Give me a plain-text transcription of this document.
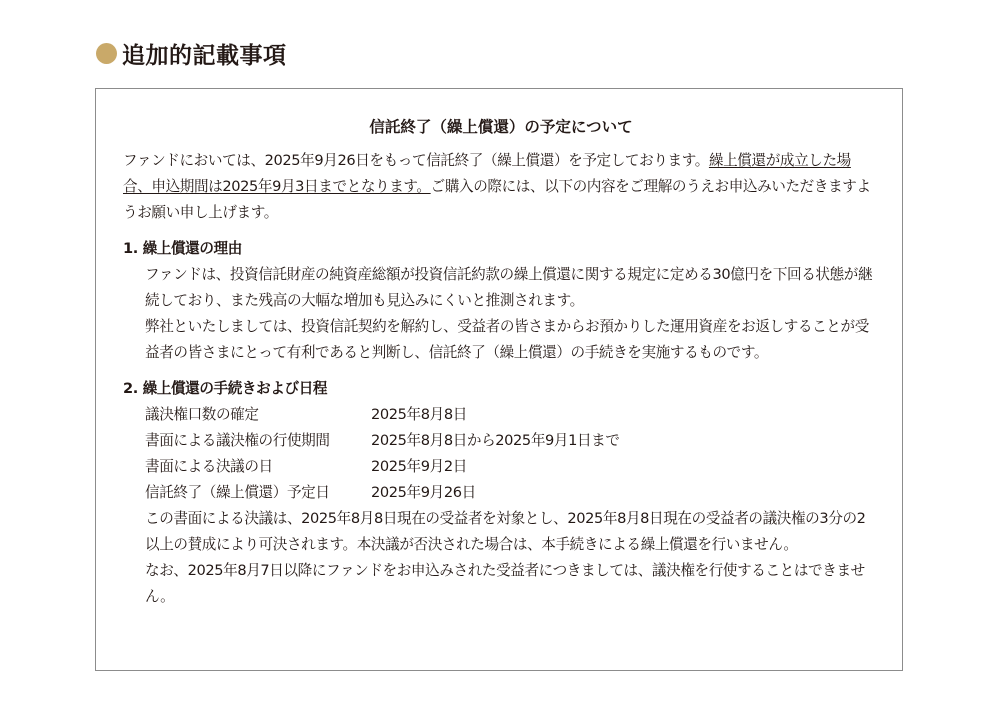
追加的記載事項
信託終了（繰上償還）の予定について

ファンドにおいては、2025年9月26日をもって信託終了（繰上償還）を予定しております。繰上償還が成立した場合、申込期間は2025年9月3日までとなります。ご購入の際には、以下の内容をご理解のうえお申込みいただきますようお願い申し上げます。

1. 繰上償還の理由

ファンドは、投資信託財産の純資産総額が投資信託約款の繰上償還に関する規定に定める30億円を下回る状態が継続しており、また残高の大幅な増加も見込みにくいと推測されます。

弊社といたしましては、投資信託契約を解約し、受益者の皆さまからお預かりした運用資産をお返しすることが受益者の皆さまにとって有利であると判断し、信託終了（繰上償還）の手続きを実施するものです。

2. 繰上償還の手続きおよび日程
議決権口数の確定	2025年8月8日
書面による議決権の行使期間	2025年8月8日から2025年9月1日まで
書面による決議の日	2025年9月2日
信託終了（繰上償還）予定日	2025年9月26日

この書面による決議は、2025年8月8日現在の受益者を対象とし、2025年8月8日現在の受益者の議決権の3分の2以上の賛成により可決されます。本決議が否決された場合は、本手続きによる繰上償還を行いません。

なお、2025年8月7日以降にファンドをお申込みされた受益者につきましては、議決権を行使することはできません。
